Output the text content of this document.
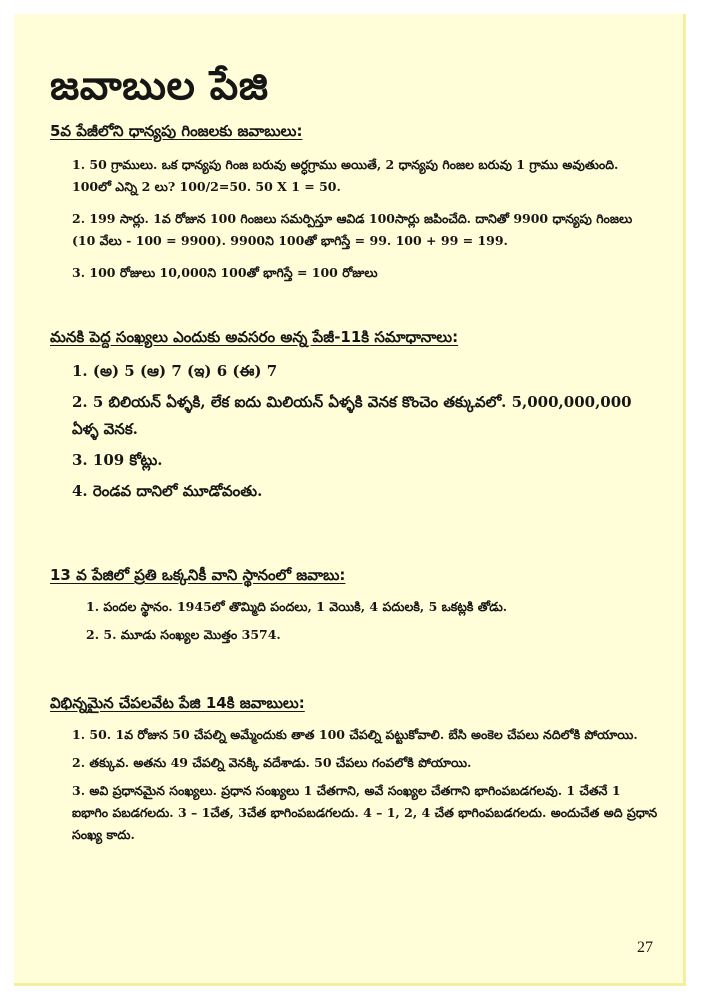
జవాబుల పేజి
5వ పేజీలోని ధాన్యపు గింజలకు జవాబులు:
1. 50 గ్రాములు. ఒక ధాన్యపు గింజ బరువు అర్ధగ్రాము అయితే, 2 ధాన్యపు గింజల బరువు 1 గ్రాము అవుతుంది. 100లో ఎన్ని 2 లు? 100/2=50. 50 X 1 = 50.
2. 199 సార్లు. 1వ రోజున 100 గింజలు సమర్పిస్తూ ఆవిడ 100సార్లు జపించేది. దానితో 9900 ధాన్యపు గింజలు (10 వేలు - 100 = 9900). 9900ని 100తో భాగిస్తే = 99. 100 + 99 = 199.
3. 100 రోజులు 10,000ని 100తో భాగిస్తే = 100 రోజులు
మనకి పెద్ద సంఖ్యలు ఎందుకు అవసరం అన్న పేజీ-11కి సమాధానాలు:
1. (అ) 5 (ఆ) 7 (ఇ) 6 (ఈ) 7
2. 5 బిలియన్ ఏళ్ళకి, లేక ఐదు మిలియన్ ఏళ్ళకి వెనక కొంచెం తక్కువలో. 5,000,000,000 ఏళ్ళ వెనక.
3. 109 కోట్లు.
4. రెండవ దానిలో మూడోవంతు.
13 వ పేజిలో ప్రతి ఒక్కనికీ వాని స్థానంలో జవాబు:
1. పందల స్థానం. 1945లో తొమ్మిది పందలు, 1 వెయికి, 4 పదులకి, 5 ఒకట్లకి తోడు.
2. 5. మూడు సంఖ్యల మొత్తం 3574.
విభిన్నమైన చేపలవేట పేజి 14కి జవాబులు:
1. 50. 1వ రోజున 50 చేపల్ని అమ్మేందుకు తాత 100 చేపల్ని పట్టుకోవాలి. బేసి అంకెల చేపలు నదిలోకి పోయాయి.
2. తక్కువ. అతను 49 చేపల్ని వెనక్కి వదేశాడు. 50 చేపలు గంపలోకి పోయాయి.
3. అవి ప్రధానమైన సంఖ్యలు. ప్రధాన సంఖ్యలు 1 చేతగాని, అవే సంఖ్యల చేతగాని భాగింపబడగలవు. 1 చేతనే 1 ఐభాగిం పబడగలదు. 3 – 1చేత, 3చేత భాగింపబడగలదు. 4 – 1, 2, 4 చేత భాగింపబడగలదు. అందుచేత అది ప్రధాన సంఖ్య కాదు.
27
